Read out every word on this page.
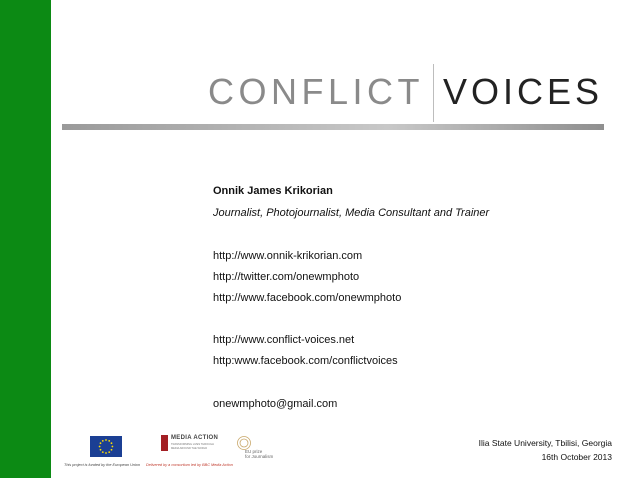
CONFLICT VOICES
Onnik James Krikorian
Journalist, Photojournalist, Media Consultant and Trainer
http://www.onnik-krikorian.com
http://twitter.com/onewmphoto
http://www.facebook.com/onewmphoto
http://www.conflict-voices.net
http:www.facebook.com/conflictvoices
onewmphoto@gmail.com
Ilia State University, Tbilisi, Georgia
16th October 2013
MEDIA ACTION
TRANSFORMING LIVES THROUGH
MEDIA AROUND THE WORLD
EU prize
for Journalism
This project is funded by the European Union Delivered by a consortium led by BBC Media Action
